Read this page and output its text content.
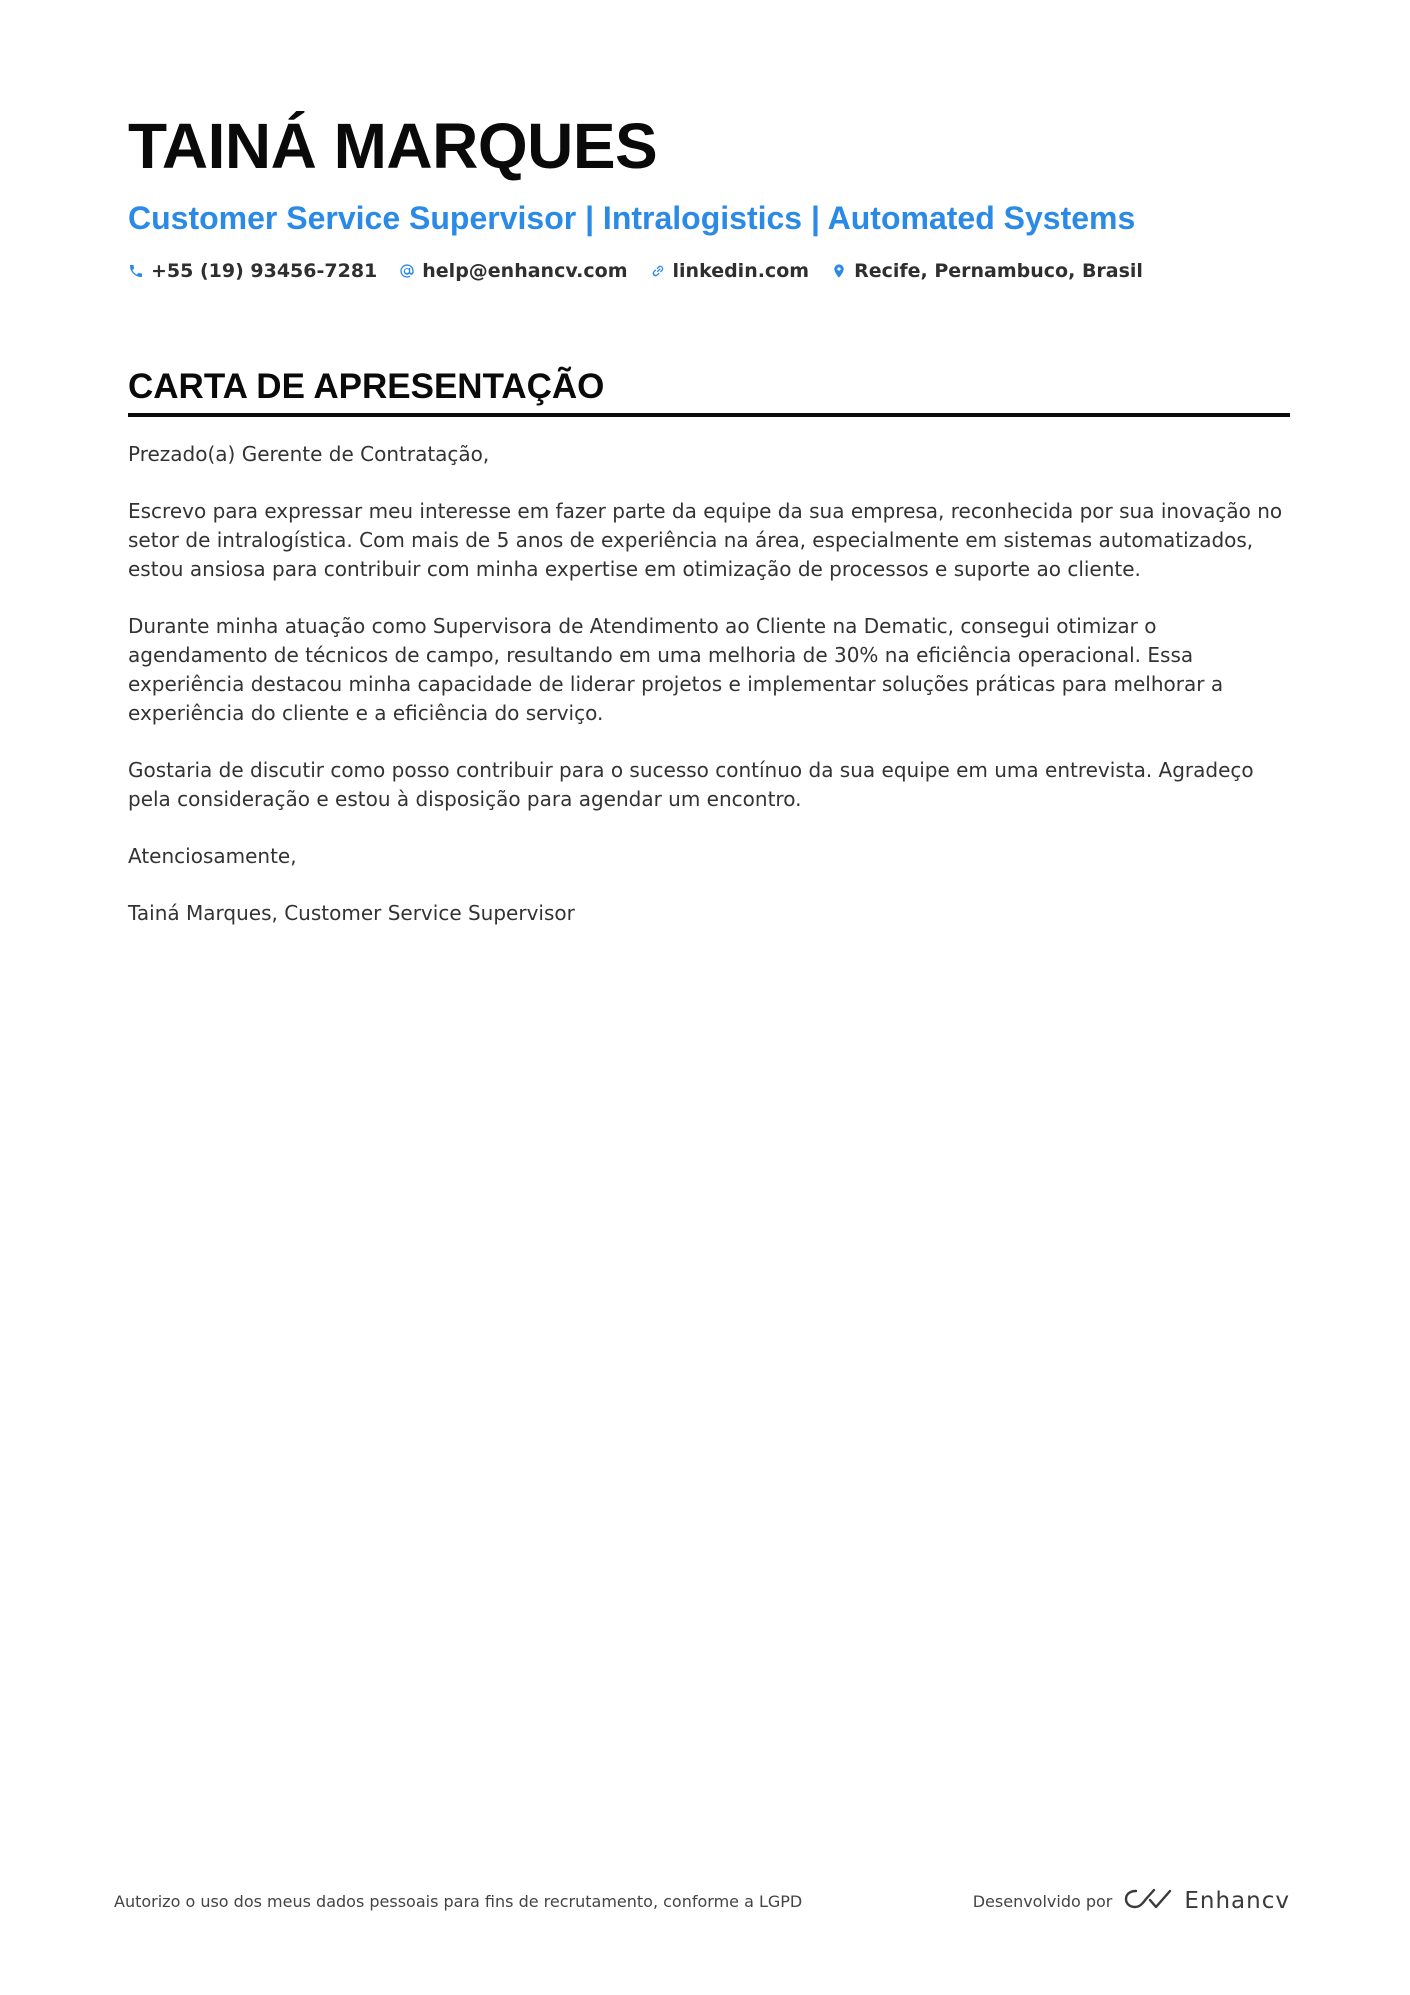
TAINÁ MARQUES
Customer Service Supervisor | Intralogistics | Automated Systems
+55 (19) 93456-7281 help@enhancv.com linkedin.com Recife, Pernambuco, Brasil
CARTA DE APRESENTAÇÃO

Prezado(a) Gerente de Contratação,

Escrevo para expressar meu interesse em fazer parte da equipe da sua empresa, reconhecida por sua inovação no setor de intralogística. Com mais de 5 anos de experiência na área, especialmente em sistemas automatizados, estou ansiosa para contribuir com minha expertise em otimização de processos e suporte ao cliente.

Durante minha atuação como Supervisora de Atendimento ao Cliente na Dematic, consegui otimizar o agendamento de técnicos de campo, resultando em uma melhoria de 30% na eficiência operacional. Essa experiência destacou minha capacidade de liderar projetos e implementar soluções práticas para melhorar a experiência do cliente e a eficiência do serviço.

Gostaria de discutir como posso contribuir para o sucesso contínuo da sua equipe em uma entrevista. Agradeço pela consideração e estou à disposição para agendar um encontro.

Atenciosamente,

Tainá Marques, Customer Service Supervisor

Autorizo o uso dos meus dados pessoais para fins de recrutamento, conforme a LGPD	Desenvolvido por	Enhancv
